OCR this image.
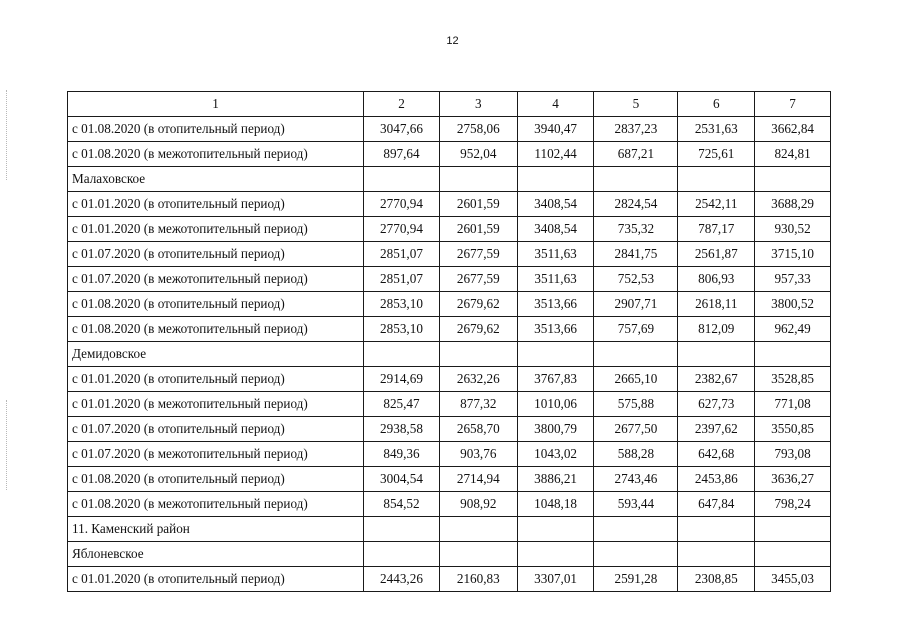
12
1	2	3	4	5	6	7
с 01.08.2020 (в отопительный период)	3047,66	2758,06	3940,47	2837,23	2531,63	3662,84
с 01.08.2020 (в межотопительный период)	897,64	952,04	1102,44	687,21	725,61	824,81
Малаховское						
с 01.01.2020 (в отопительный период)	2770,94	2601,59	3408,54	2824,54	2542,11	3688,29
с 01.01.2020 (в межотопительный период)	2770,94	2601,59	3408,54	735,32	787,17	930,52
с 01.07.2020 (в отопительный период)	2851,07	2677,59	3511,63	2841,75	2561,87	3715,10
с 01.07.2020 (в межотопительный период)	2851,07	2677,59	3511,63	752,53	806,93	957,33
с 01.08.2020 (в отопительный период)	2853,10	2679,62	3513,66	2907,71	2618,11	3800,52
с 01.08.2020 (в межотопительный период)	2853,10	2679,62	3513,66	757,69	812,09	962,49
Демидовское						
с 01.01.2020 (в отопительный период)	2914,69	2632,26	3767,83	2665,10	2382,67	3528,85
с 01.01.2020 (в межотопительный период)	825,47	877,32	1010,06	575,88	627,73	771,08
с 01.07.2020 (в отопительный период)	2938,58	2658,70	3800,79	2677,50	2397,62	3550,85
с 01.07.2020 (в межотопительный период)	849,36	903,76	1043,02	588,28	642,68	793,08
с 01.08.2020 (в отопительный период)	3004,54	2714,94	3886,21	2743,46	2453,86	3636,27
с 01.08.2020 (в межотопительный период)	854,52	908,92	1048,18	593,44	647,84	798,24
11. Каменский район						
Яблоневское						
с 01.01.2020 (в отопительный период)	2443,26	2160,83	3307,01	2591,28	2308,85	3455,03
